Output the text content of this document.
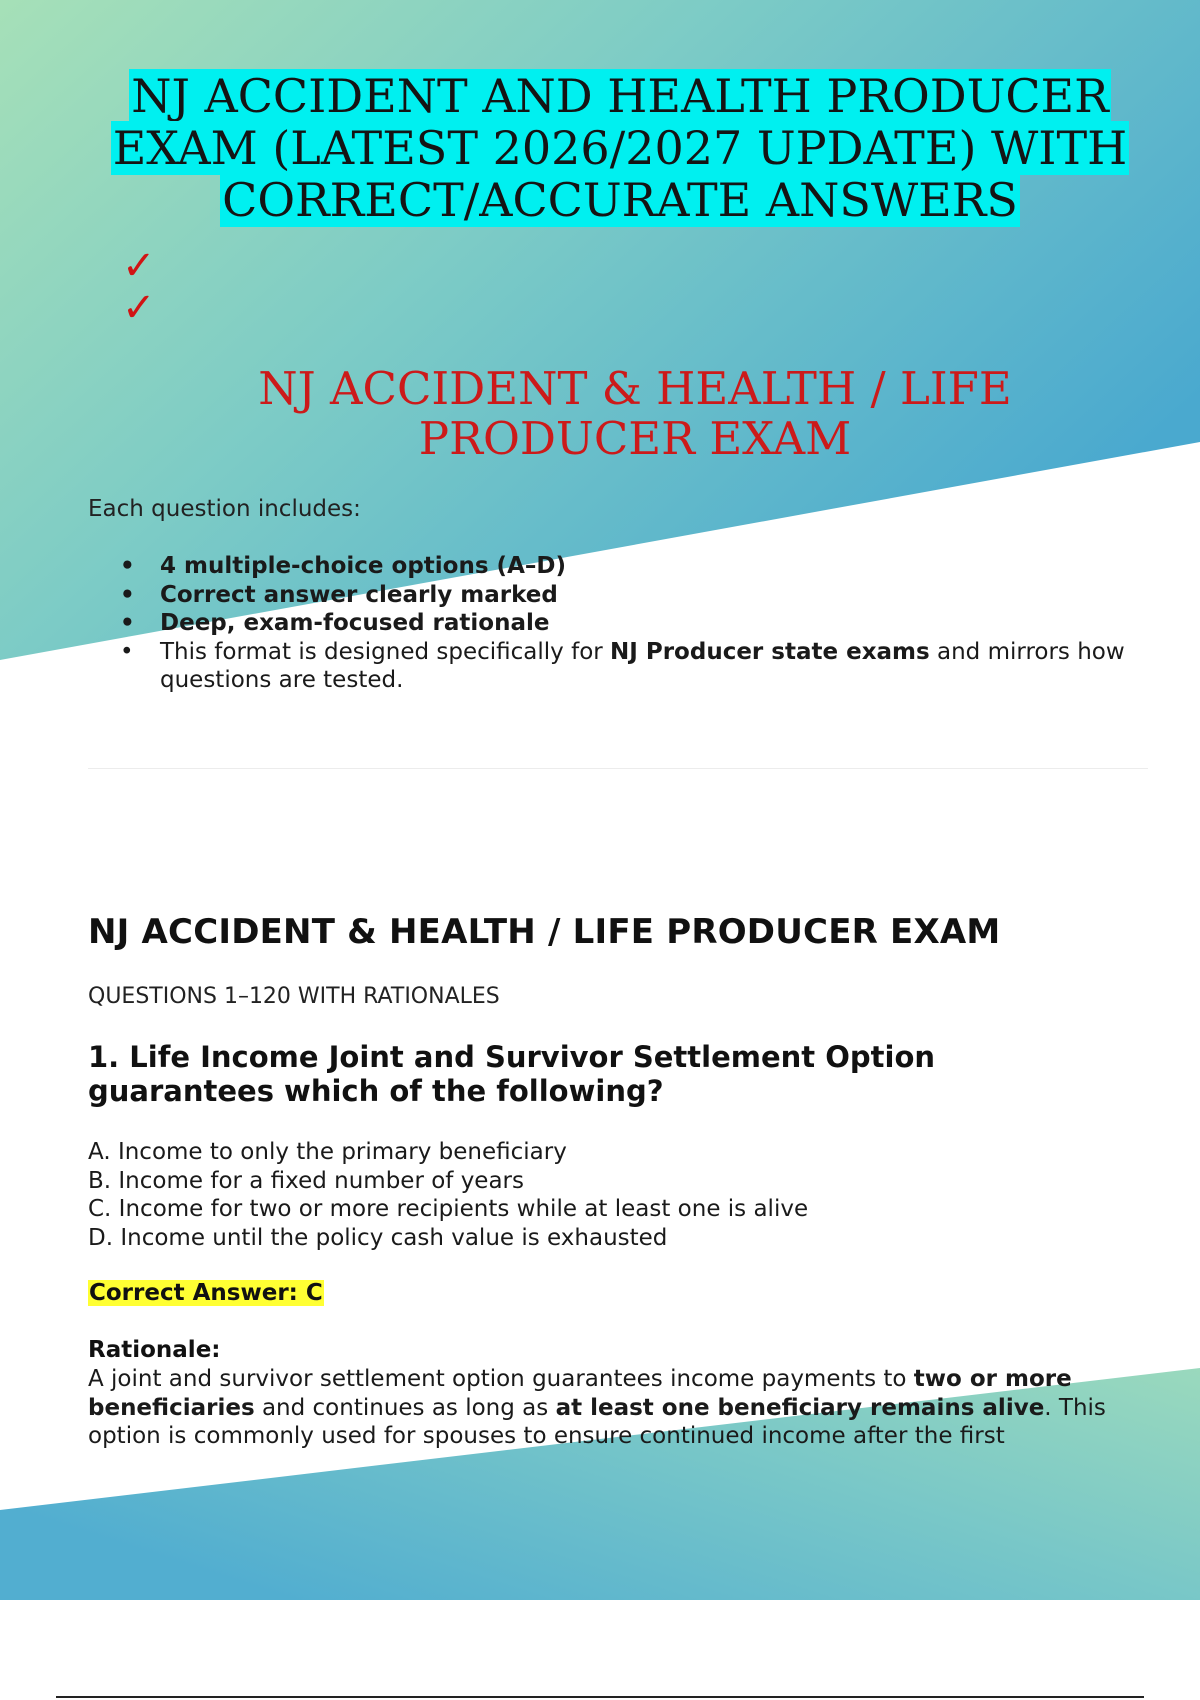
NJ ACCIDENT AND HEALTH PRODUCER EXAM (LATEST 2026/2027 UPDATE) WITH CORRECT/ACCURATE ANSWERS
✓
✓
NJ ACCIDENT & HEALTH / LIFE PRODUCER EXAM

Each question includes:

• 4 multiple-choice options (A–D)
• Correct answer clearly marked
• Deep, exam-focused rationale
• This format is designed specifically for NJ Producer state exams and mirrors how questions are tested.
NJ ACCIDENT & HEALTH / LIFE PRODUCER EXAM

QUESTIONS 1–120 WITH RATIONALES

1. Life Income Joint and Survivor Settlement Option guarantees which of the following?
A. Income to only the primary beneficiary
B. Income for a fixed number of years
C. Income for two or more recipients while at least one is alive
D. Income until the policy cash value is exhausted

Correct Answer: C

Rationale:

A joint and survivor settlement option guarantees income payments to two or more beneficiaries and continues as long as at least one beneficiary remains alive. This option is commonly used for spouses to ensure continued income after the first
